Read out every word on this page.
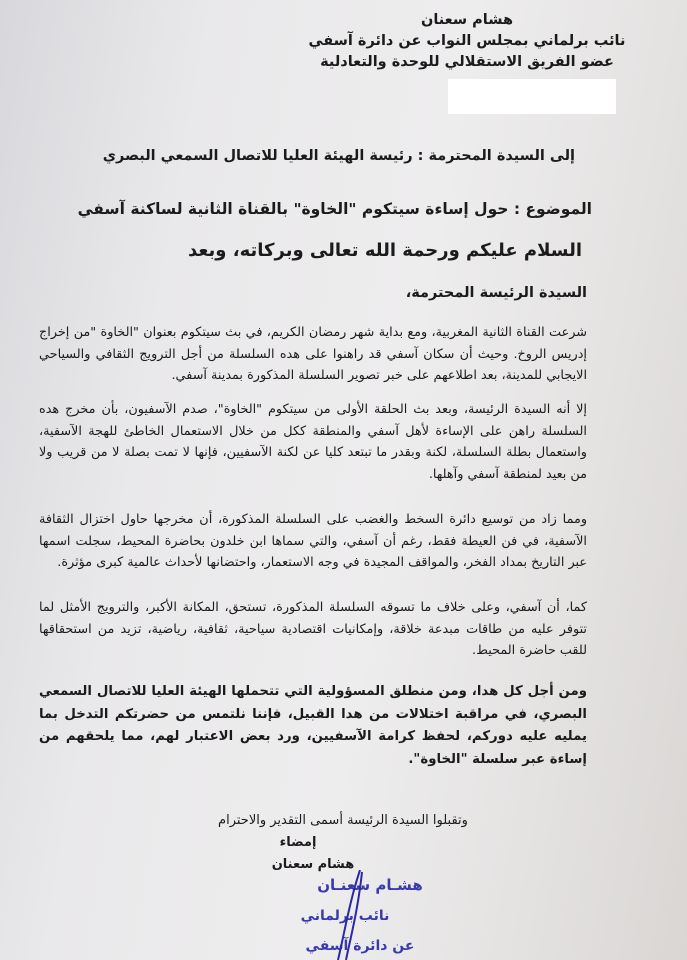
هشام سعنان
نائب برلماني بمجلس النواب عن دائرة آسفي
عضو الفريق الاستقلالي للوحدة والتعادلية
إلى السيدة المحترمة : رئيسة الهيئة العليا للاتصال السمعي البصري
الموضوع : حول إساءة سيتكوم "الخاوة" بالقناة الثانية لساكنة آسفي
السلام عليكم ورحمة الله تعالى وبركاته، وبعد
السيدة الرئيسة المحترمة،
شرعت القناة الثانية المغربية، ومع بداية شهر رمضان الكريم، في بث سيتكوم بعنوان "الخاوة "من إخراج إدريس الروخ. وحيث أن سكان آسفي قد راهنوا على هده السلسلة من أجل الترويج الثقافي والسياحي الايجابي للمدينة، بعد اطلاعهم على خبر تصوير السلسلة المذكورة بمدينة آسفي.
إلا أنه السيدة الرئيسة، وبعد بث الحلقة الأولى من سيتكوم "الخاوة"، صدم الآسفيون، بأن مخرج هده السلسلة راهن على الإساءة لأهل آسفي والمنطقة ككل من خلال الاستعمال الخاطئ للهجة الآسفية، واستعمال بطلة السلسلة، لكنة وبقدر ما تبتعد كليا عن لكنة الآسفيين، فإنها لا تمت بصلة لا من قريب ولا من بعيد لمنطقة آسفي وآهلها.
ومما زاد من توسيع دائرة السخط والغضب على السلسلة المذكورة، أن مخرجها حاول اختزال الثقافة الآسفية، في فن العيطة فقط، رغم أن آسفي، والتي سماها ابن خلدون بحاضرة المحيط، سجلت اسمها عبر التاريخ بمداد الفخر، والمواقف المجيدة في وجه الاستعمار، واحتضانها لأحداث عالمية كبرى مؤثرة.
كما، أن آسفي، وعلى خلاف ما تسوقه السلسلة المذكورة، تستحق، المكانة الأكبر، والترويج الأمثل لما تتوفر عليه من طاقات مبدعة خلاقة، وإمكانيات اقتصادية سياحية، ثقافية، رياضية، تزيد من استحقاقها للقب حاضرة المحيط.
ومن أجل كل هدا، ومن منطلق المسؤولية التي تتحملها الهيئة العليا للاتصال السمعي البصري، في مراقبة اختلالات من هدا القبيل، فإننا نلتمس من حضرتكم التدخل بما يمليه عليه دوركم، لحفظ كرامة الآسفيين، ورد بعض الاعتبار لهم، مما يلحقهم من إساءة عبر سلسلة "الخاوة".
وتقبلوا السيدة الرئيسة أسمى التقدير والاحترام
إمضاء
هشام سعنان
هشـام سعنـان
نائب برلماني
عن دائرة آسفي
